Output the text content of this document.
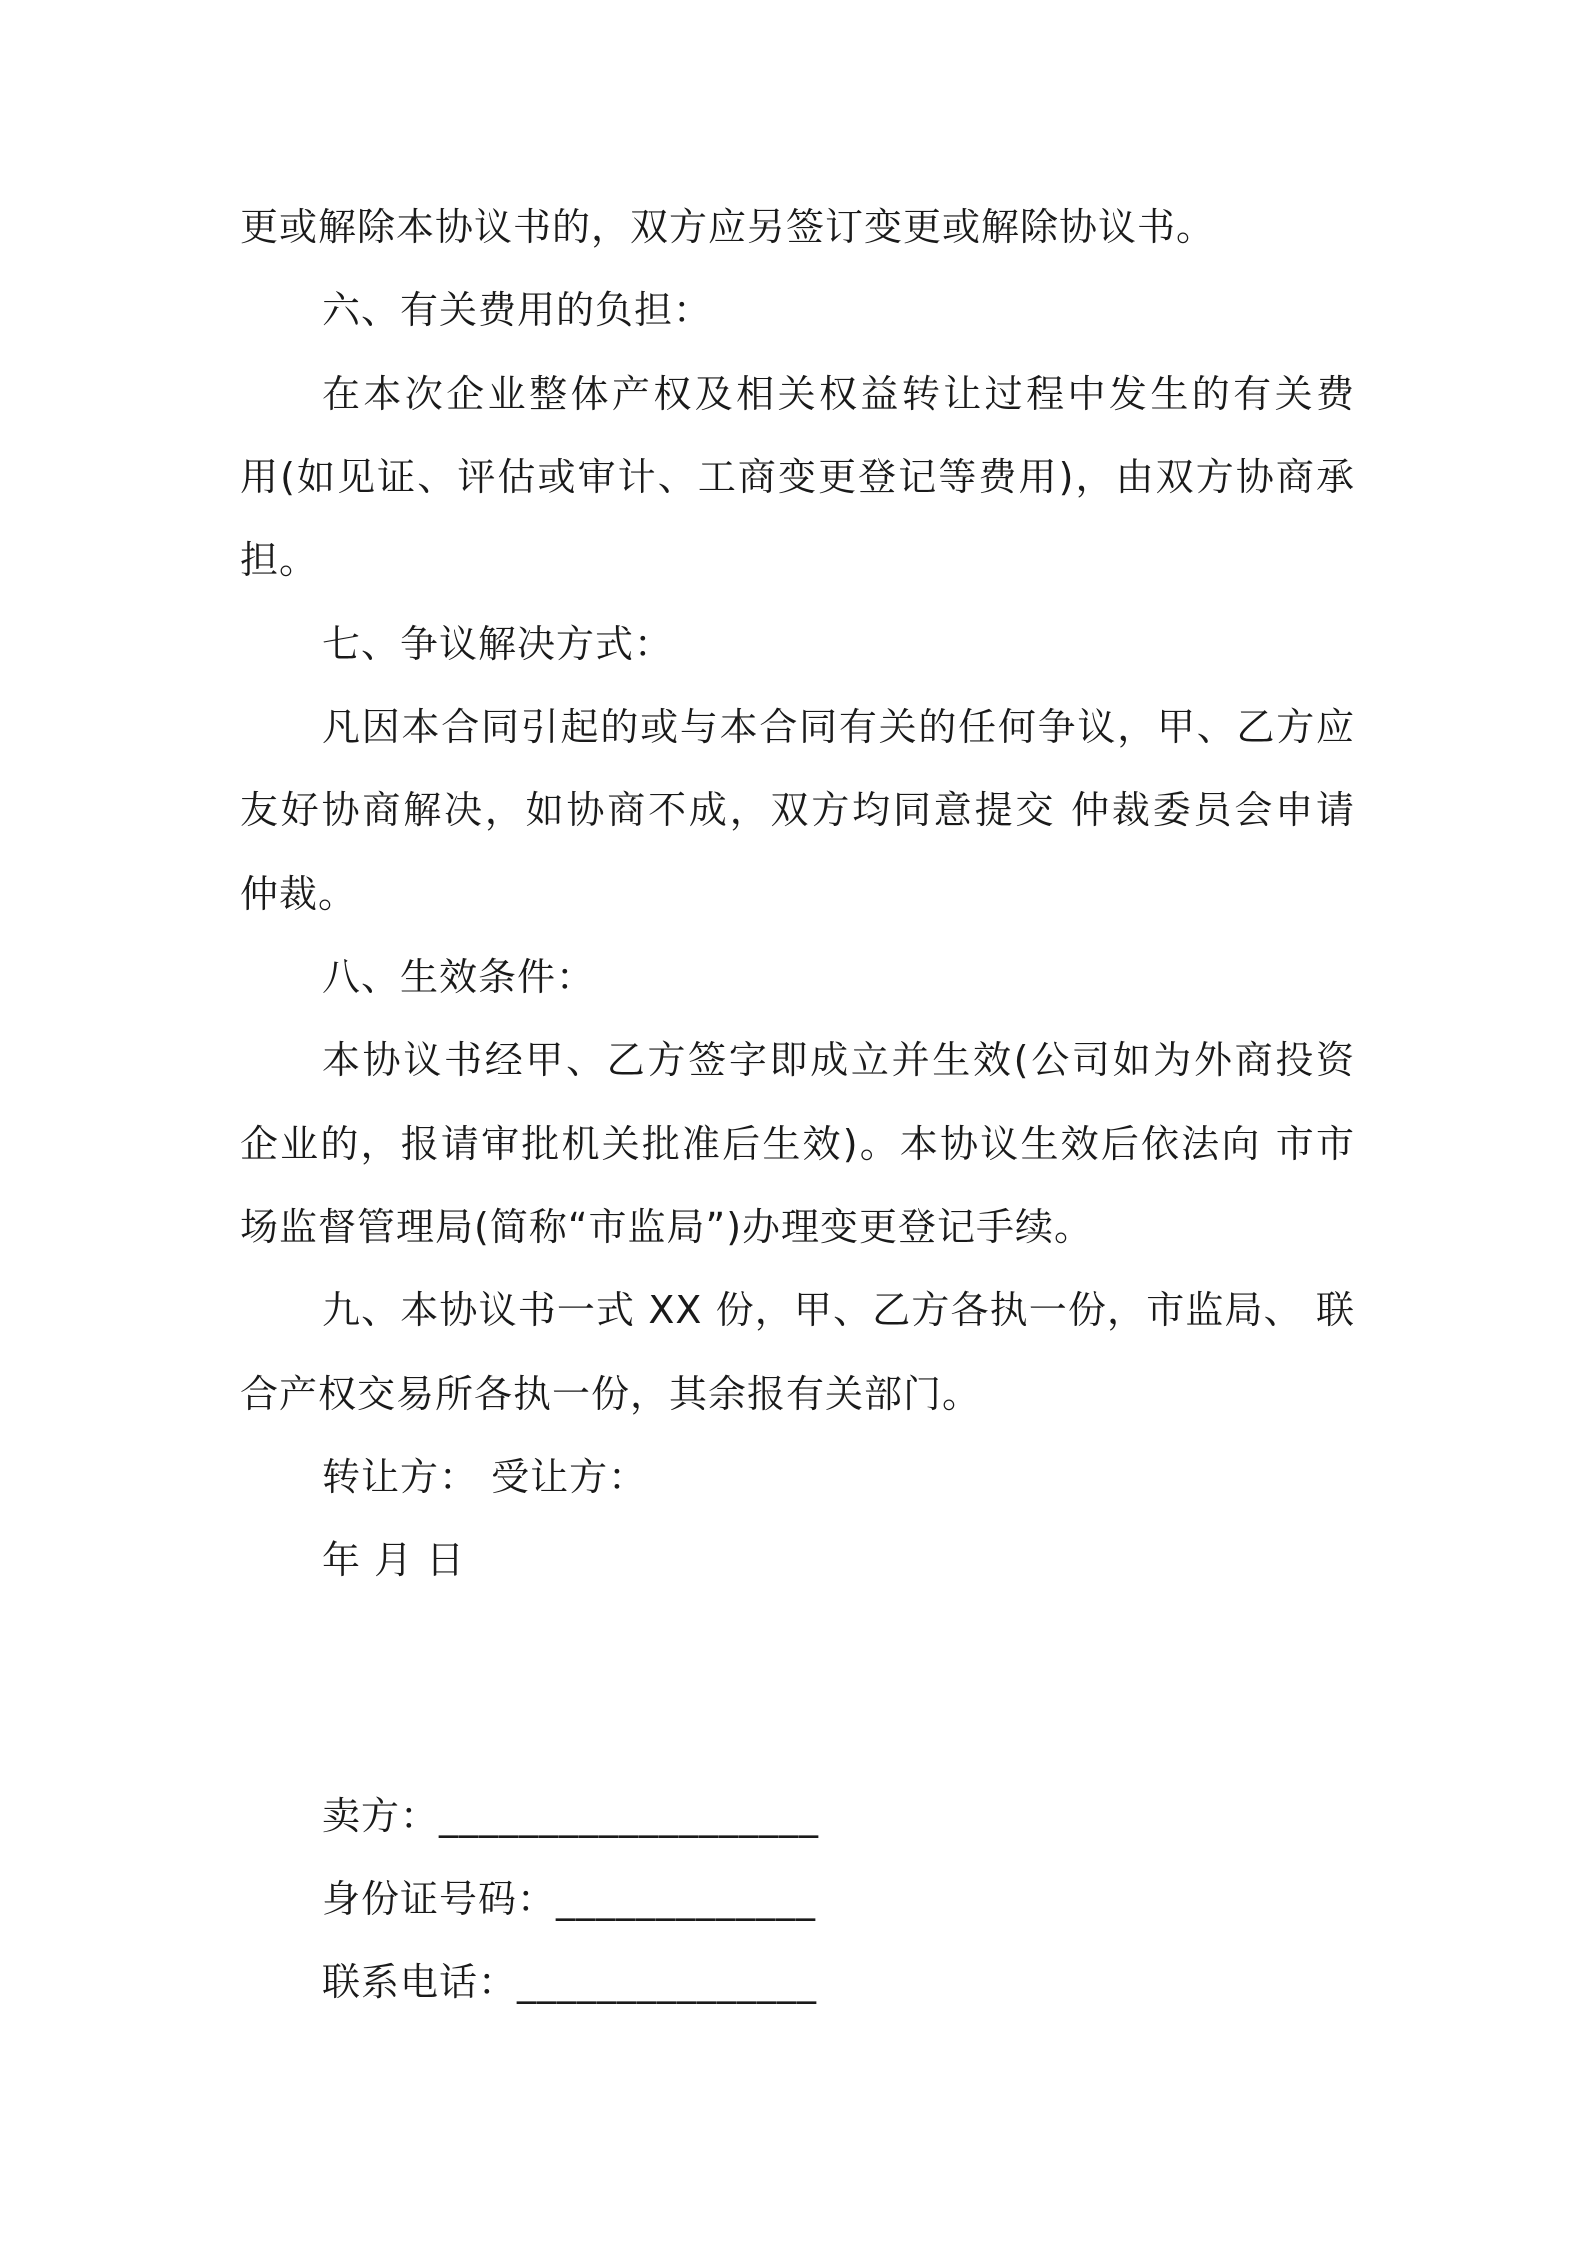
更或解除本协议书的，双方应另签订变更或解除协议书。
六、有关费用的负担：
在本次企业整体产权及相关权益转让过程中发生的有关费
用(如见证、评估或审计、工商变更登记等费用)，由双方协商承
担。
七、争议解决方式：
凡因本合同引起的或与本合同有关的任何争议，甲、乙方应
友好协商解决，如协商不成，双方均同意提交 仲裁委员会申请
仲裁。
八、生效条件：
本协议书经甲、乙方签字即成立并生效(公司如为外商投资
企业的，报请审批机关批准后生效)。本协议生效后依法向 市市
场监督管理局(简称“市监局”)办理变更登记手续。
九、本协议书一式 XX 份，甲、乙方各执一份，市监局、 联
合产权交易所各执一份，其余报有关部门。
转让方： 受让方：
年 月 日
卖方：___________________
身份证号码：_____________
联系电话：_______________
